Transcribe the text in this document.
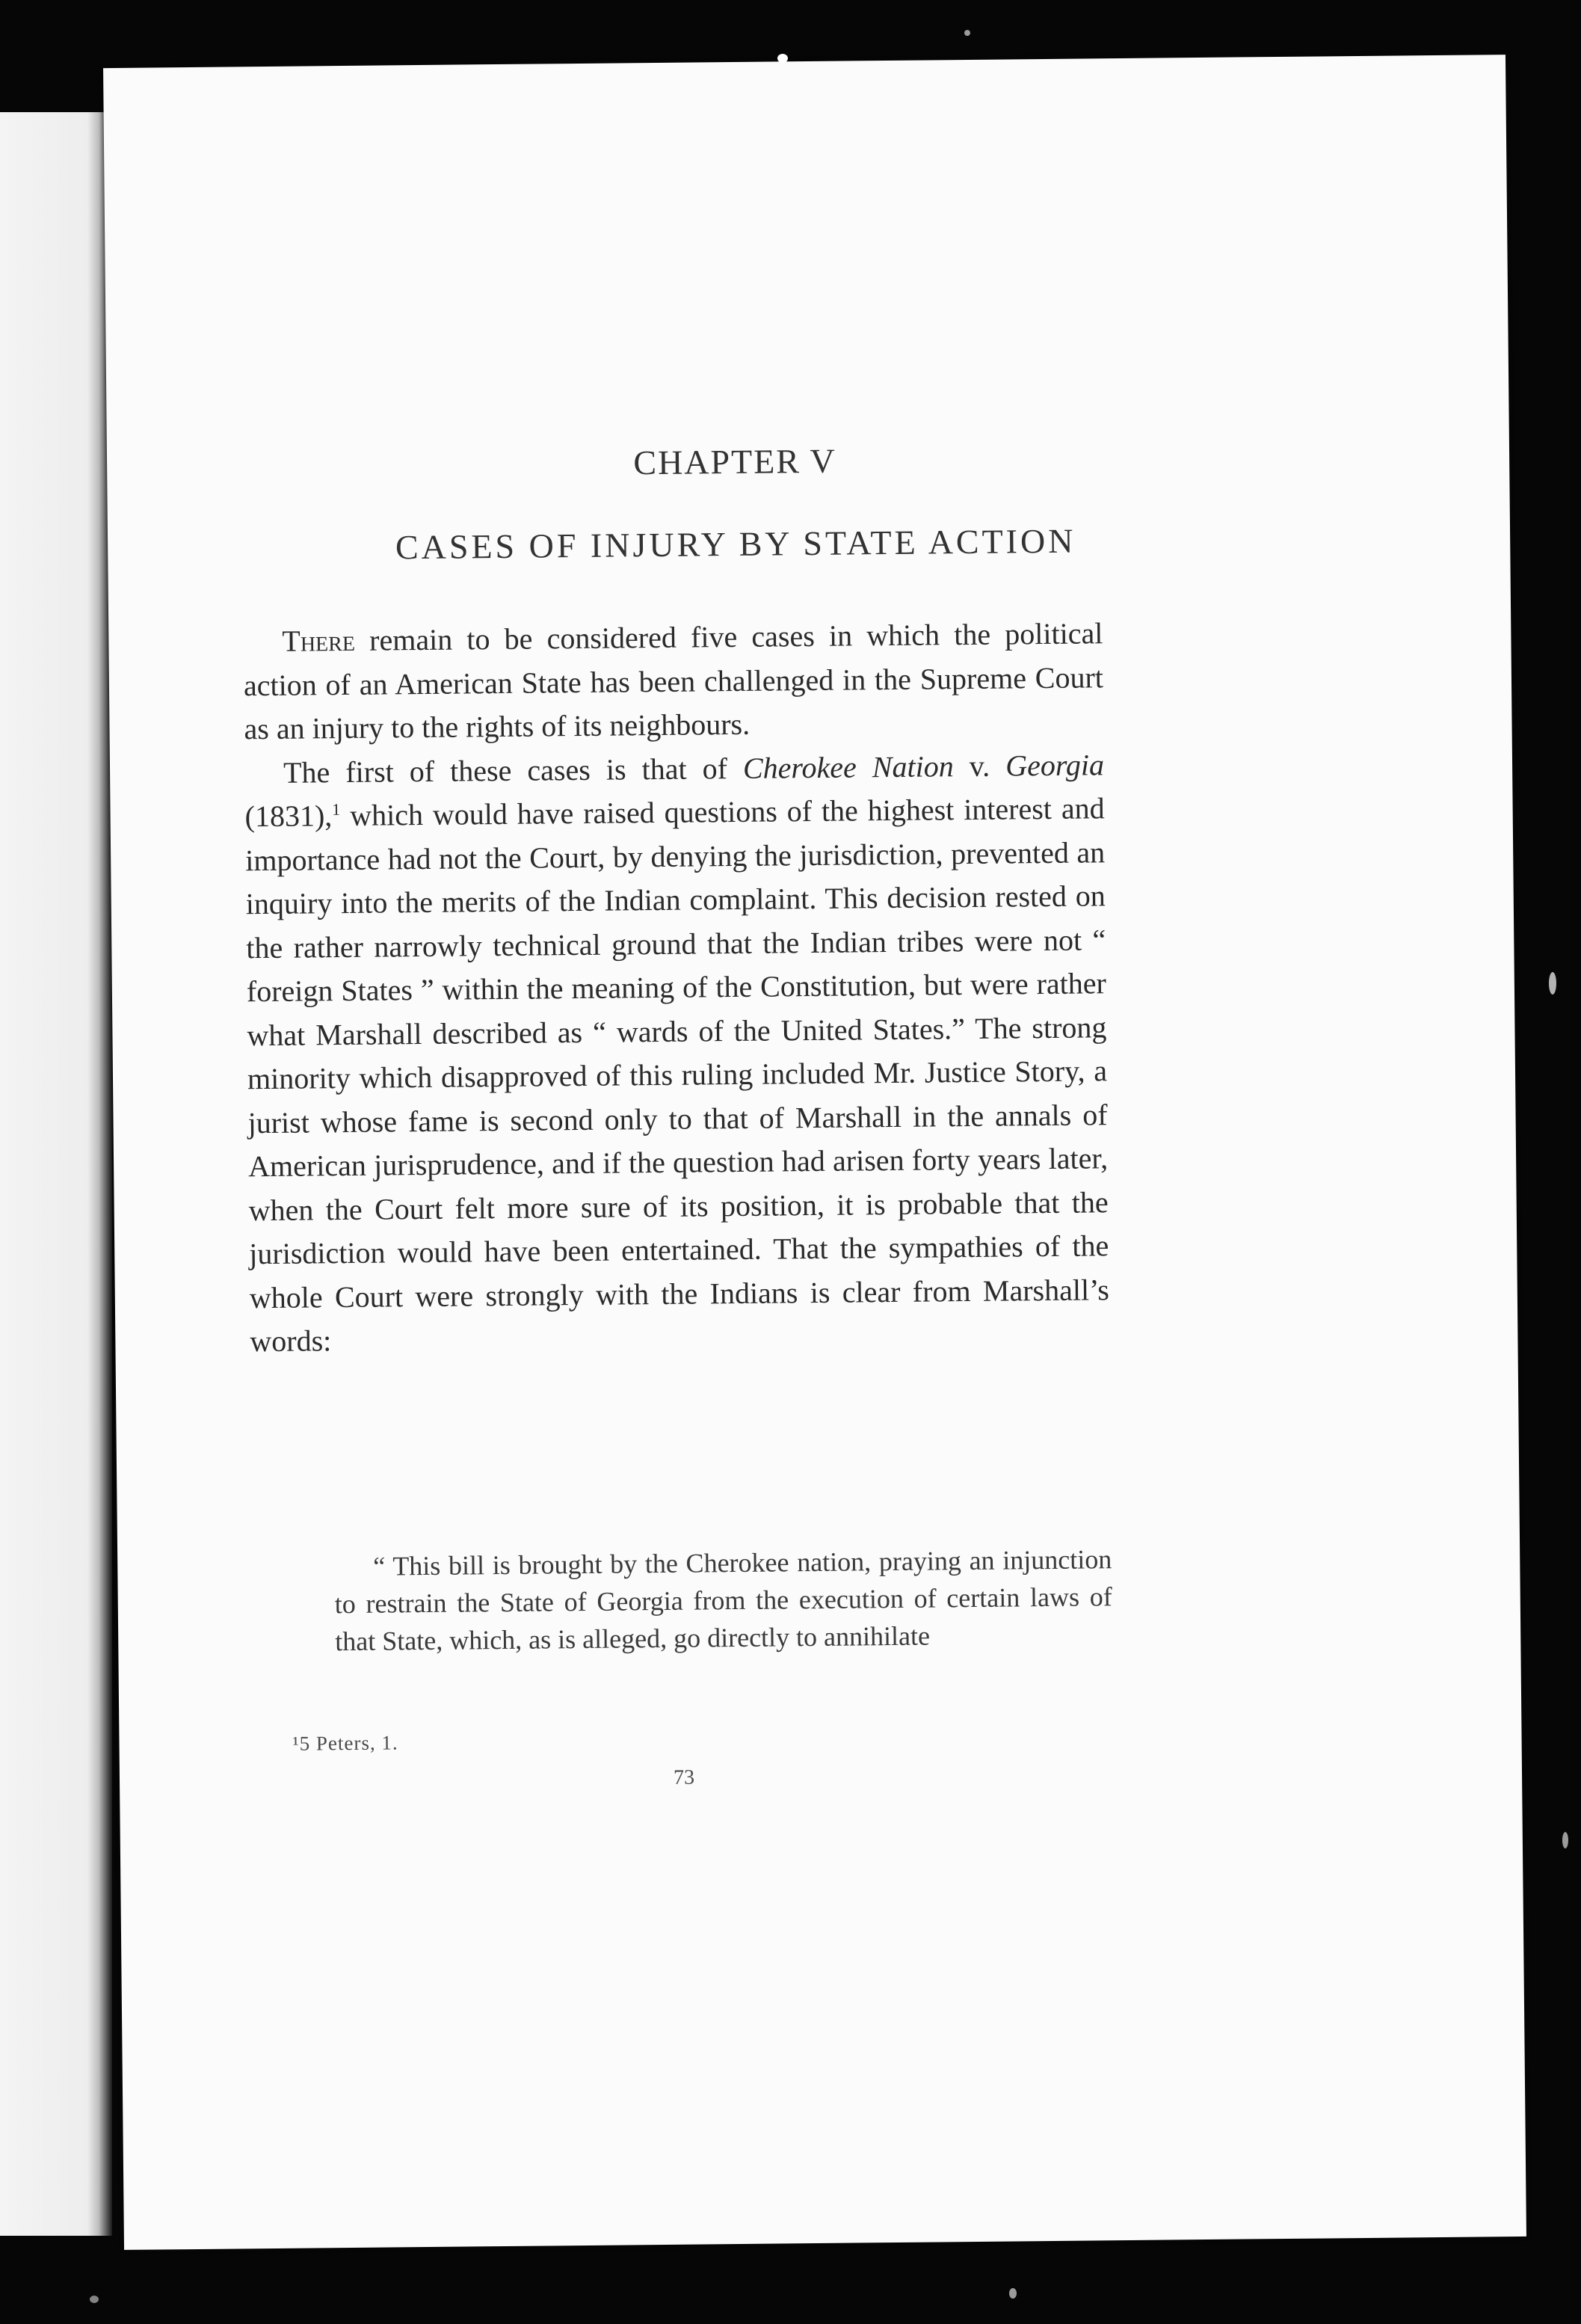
CHAPTER V
CASES OF INJURY BY STATE ACTION

There remain to be considered five cases in which the political action of an American State has been challenged in the Supreme Court as an injury to the rights of its neighbours.

The first of these cases is that of Cherokee Nation v. Georgia (1831),$^1$ which would have raised questions of the highest interest and importance had not the Court, by denying the jurisdiction, prevented an inquiry into the merits of the Indian complaint. This decision rested on the rather narrowly technical ground that the Indian tribes were not “ foreign States ” within the meaning of the Constitution, but were rather what Marshall described as “ wards of the United States.” The strong minority which disapproved of this ruling included Mr. Justice Story, a jurist whose fame is second only to that of Marshall in the annals of American jurisprudence, and if the question had arisen forty years later, when the Court felt more sure of its position, it is probable that the jurisdiction would have been entertained. That the sympathies of the whole Court were strongly with the Indians is clear from Marshall’s words:

“ This bill is brought by the Cherokee nation, praying an injunction to restrain the State of Georgia from the execution of certain laws of that State, which, as is alleged, go directly to annihilate

¹5 Peters, 1.
73
